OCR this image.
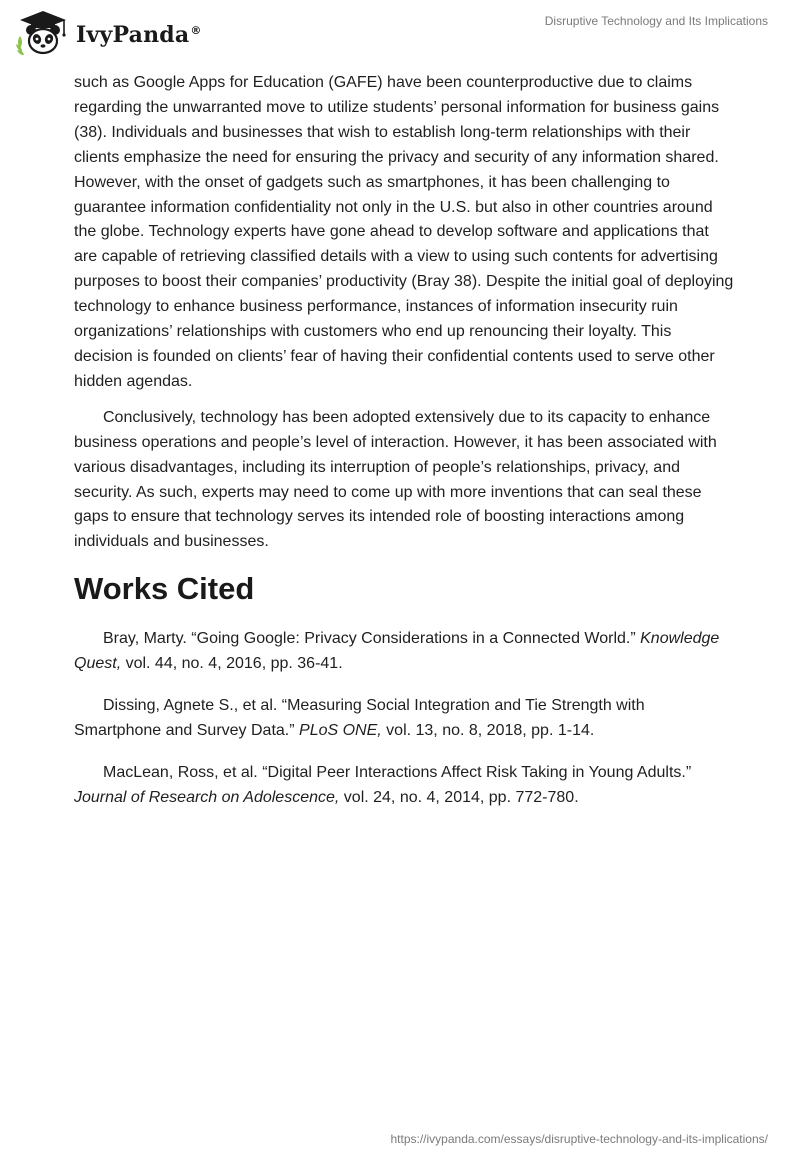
IvyPanda®
Disruptive Technology and Its Implications

such as Google Apps for Education (GAFE) have been counterproductive due to claims regarding the unwarranted move to utilize students’ personal information for business gains (38). Individuals and businesses that wish to establish long-term relationships with their clients emphasize the need for ensuring the privacy and security of any information shared. However, with the onset of gadgets such as smartphones, it has been challenging to guarantee information confidentiality not only in the U.S. but also in other countries around the globe. Technology experts have gone ahead to develop software and applications that are capable of retrieving classified details with a view to using such contents for advertising purposes to boost their companies’ productivity (Bray 38). Despite the initial goal of deploying technology to enhance business performance, instances of information insecurity ruin organizations’ relationships with customers who end up renouncing their loyalty. This decision is founded on clients’ fear of having their confidential contents used to serve other hidden agendas.

Conclusively, technology has been adopted extensively due to its capacity to enhance business operations and people’s level of interaction. However, it has been associated with various disadvantages, including its interruption of people’s relationships, privacy, and security. As such, experts may need to come up with more inventions that can seal these gaps to ensure that technology serves its intended role of boosting interactions among individuals and businesses.

Works Cited

Bray, Marty. “Going Google: Privacy Considerations in a Connected World.” Knowledge Quest, vol. 44, no. 4, 2016, pp. 36-41.

Dissing, Agnete S., et al. “Measuring Social Integration and Tie Strength with Smartphone and Survey Data.” PLoS ONE, vol. 13, no. 8, 2018, pp. 1-14.

MacLean, Ross, et al. “Digital Peer Interactions Affect Risk Taking in Young Adults.” Journal of Research on Adolescence, vol. 24, no. 4, 2014, pp. 772-780.

https://ivypanda.com/essays/disruptive-technology-and-its-implications/
